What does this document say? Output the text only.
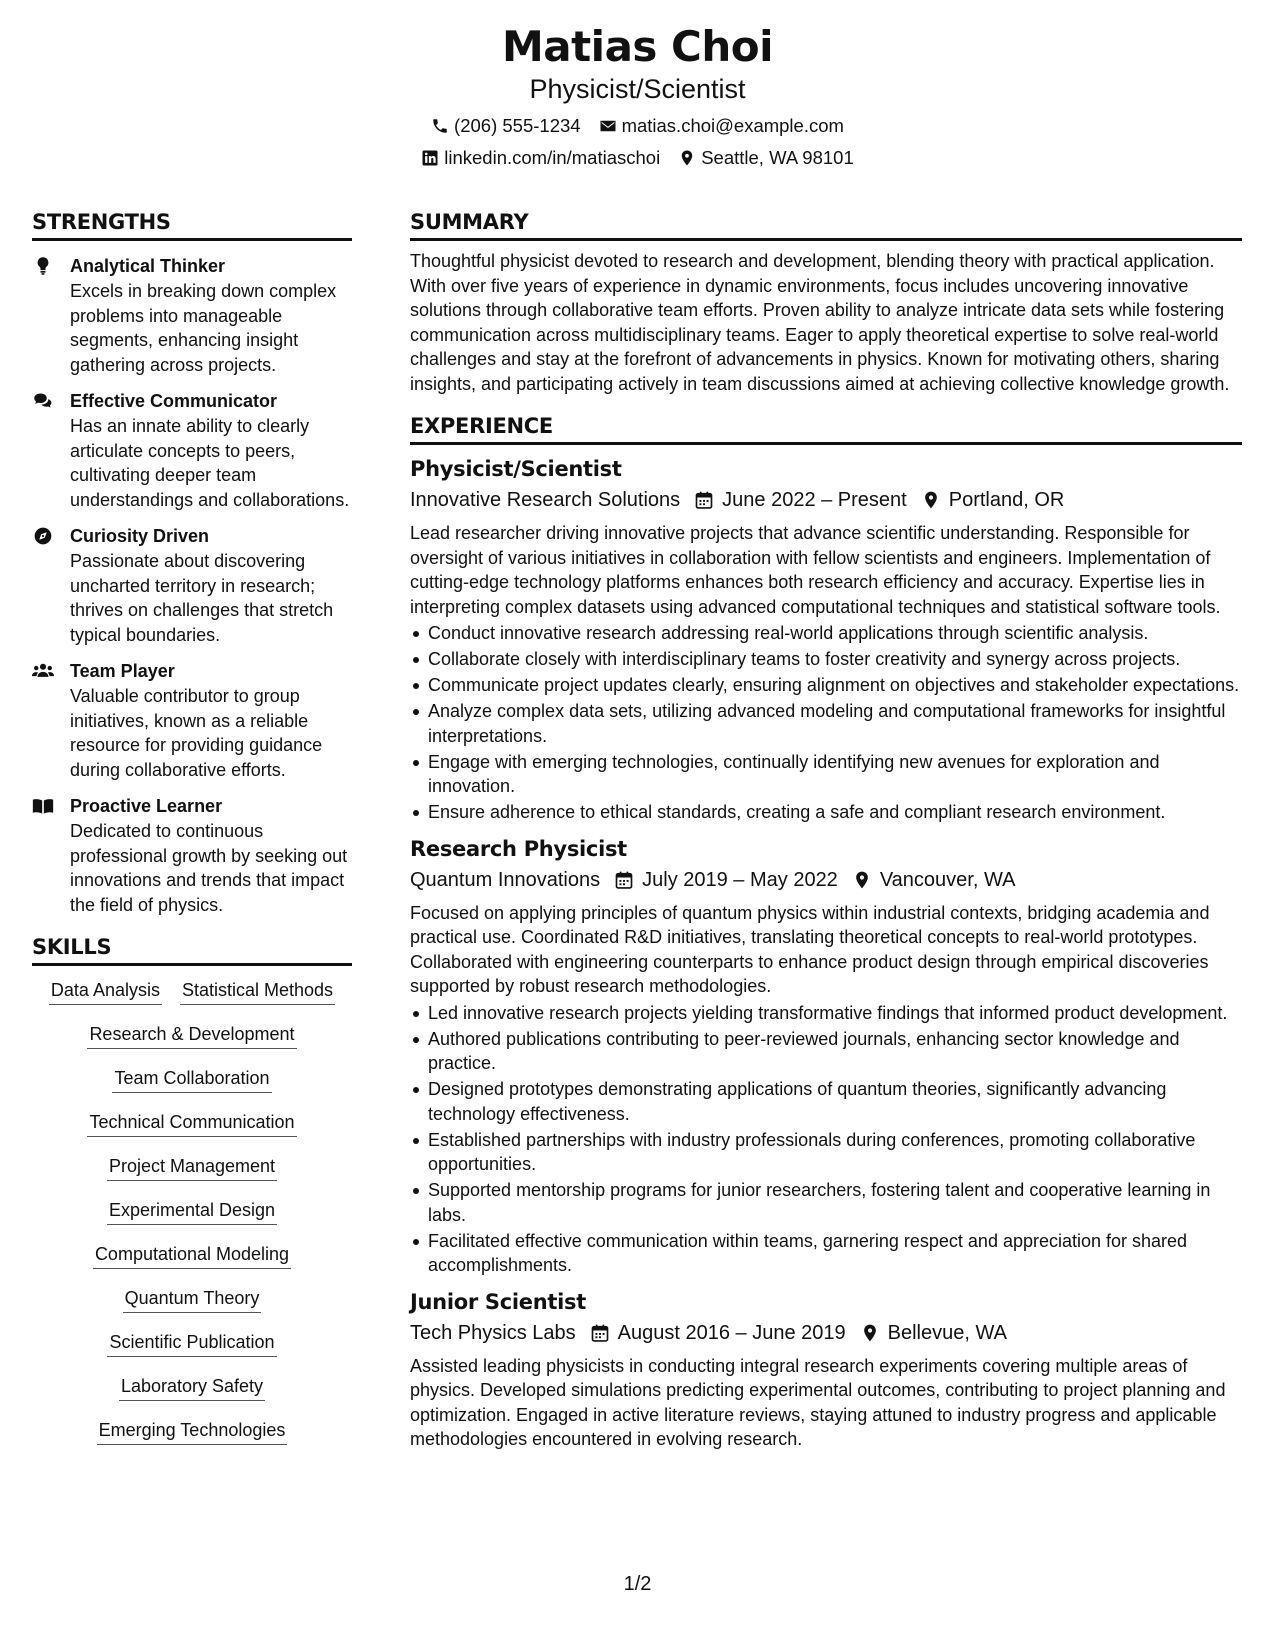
Matias Choi
Physicist/Scientist
(206) 555-1234 matias.choi@example.com
linkedin.com/in/matiaschoi Seattle, WA 98101
STRENGTHS
Analytical Thinker
Excels in breaking down complex problems into manageable segments, enhancing insight gathering across projects.
Effective Communicator
Has an innate ability to clearly articulate concepts to peers, cultivating deeper team understandings and collaborations.
Curiosity Driven
Passionate about discovering uncharted territory in research; thrives on challenges that stretch typical boundaries.
Team Player
Valuable contributor to group initiatives, known as a reliable resource for providing guidance during collaborative efforts.
Proactive Learner
Dedicated to continuous professional growth by seeking out innovations and trends that impact the field of physics.
SKILLS
Data Analysis Statistical Methods
Research & Development
Team Collaboration
Technical Communication
Project Management
Experimental Design
Computational Modeling
Quantum Theory
Scientific Publication
Laboratory Safety
Emerging Technologies
SUMMARY
Thoughtful physicist devoted to research and development, blending theory with practical application. With over five years of experience in dynamic environments, focus includes uncovering innovative solutions through collaborative team efforts. Proven ability to analyze intricate data sets while fostering communication across multidisciplinary teams. Eager to apply theoretical expertise to solve real-world challenges and stay at the forefront of advancements in physics. Known for motivating others, sharing insights, and participating actively in team discussions aimed at achieving collective knowledge growth.
EXPERIENCE
Physicist/Scientist
Innovative Research Solutions June 2022 – Present Portland, OR
Lead researcher driving innovative projects that advance scientific understanding. Responsible for oversight of various initiatives in collaboration with fellow scientists and engineers. Implementation of cutting-edge technology platforms enhances both research efficiency and accuracy. Expertise lies in interpreting complex datasets using advanced computational techniques and statistical software tools.
Conduct innovative research addressing real-world applications through scientific analysis.
Collaborate closely with interdisciplinary teams to foster creativity and synergy across projects.
Communicate project updates clearly, ensuring alignment on objectives and stakeholder expectations.
Analyze complex data sets, utilizing advanced modeling and computational frameworks for insightful interpretations.
Engage with emerging technologies, continually identifying new avenues for exploration and innovation.
Ensure adherence to ethical standards, creating a safe and compliant research environment.
Research Physicist
Quantum Innovations July 2019 – May 2022 Vancouver, WA
Focused on applying principles of quantum physics within industrial contexts, bridging academia and practical use. Coordinated R&D initiatives, translating theoretical concepts to real-world prototypes. Collaborated with engineering counterparts to enhance product design through empirical discoveries supported by robust research methodologies.
Led innovative research projects yielding transformative findings that informed product development.
Authored publications contributing to peer-reviewed journals, enhancing sector knowledge and practice.
Designed prototypes demonstrating applications of quantum theories, significantly advancing technology effectiveness.
Established partnerships with industry professionals during conferences, promoting collaborative opportunities.
Supported mentorship programs for junior researchers, fostering talent and cooperative learning in labs.
Facilitated effective communication within teams, garnering respect and appreciation for shared accomplishments.
Junior Scientist
Tech Physics Labs August 2016 – June 2019 Bellevue, WA
Assisted leading physicists in conducting integral research experiments covering multiple areas of physics. Developed simulations predicting experimental outcomes, contributing to project planning and optimization. Engaged in active literature reviews, staying attuned to industry progress and applicable methodologies encountered in evolving research.
1/2
